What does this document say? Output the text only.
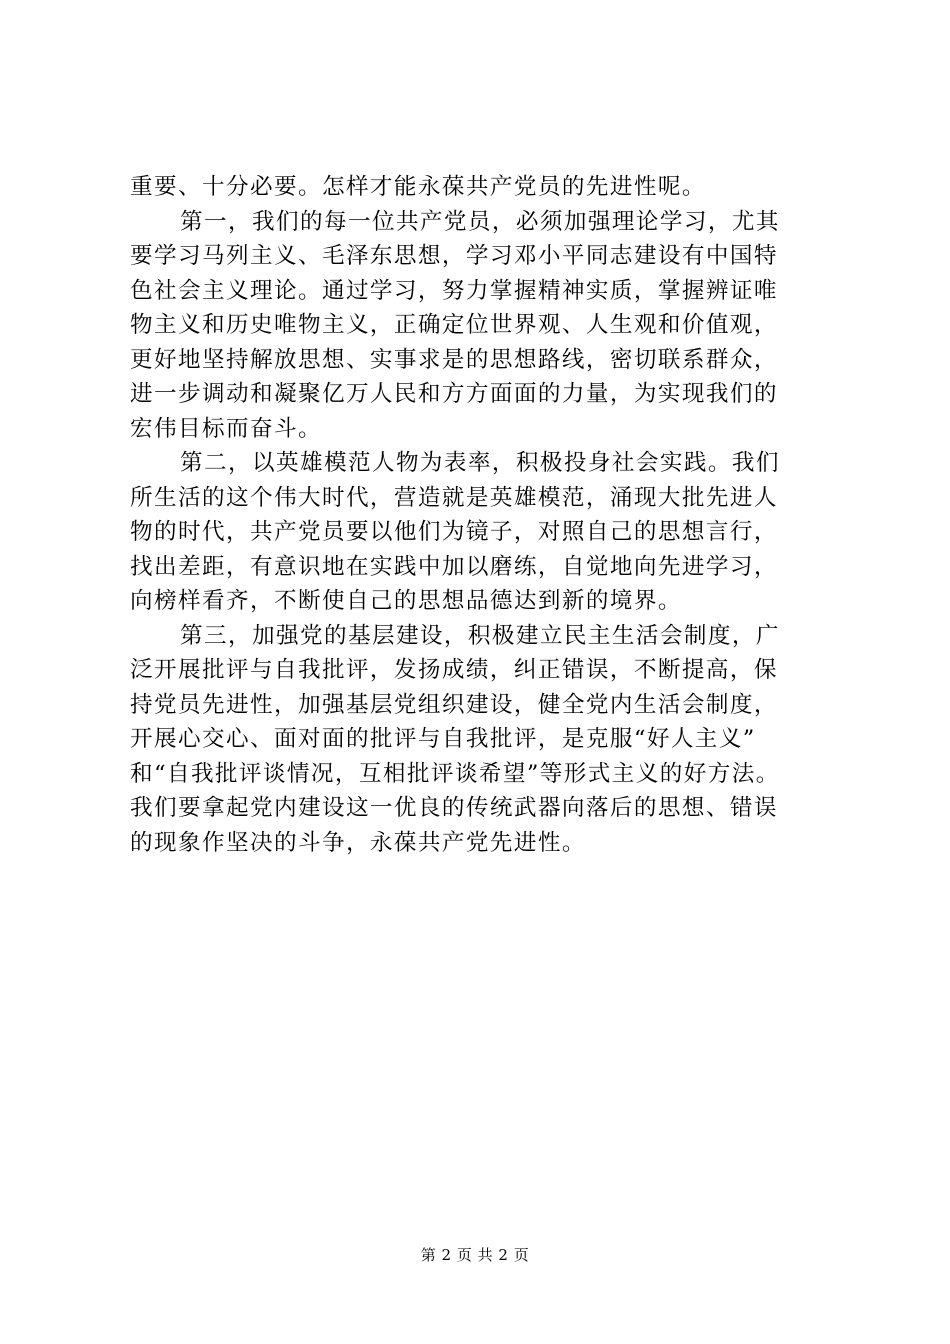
重要、十分必要。怎样才能永葆共产党员的先进性呢。
第一，我们的每一位共产党员，必须加强理论学习，尤其
要学习马列主义、毛泽东思想，学习邓小平同志建设有中国特
色社会主义理论。通过学习，努力掌握精神实质，掌握辨证唯
物主义和历史唯物主义，正确定位世界观、人生观和价值观，
更好地坚持解放思想、实事求是的思想路线，密切联系群众，
进一步调动和凝聚亿万人民和方方面面的力量，为实现我们的
宏伟目标而奋斗。
第二，以英雄模范人物为表率，积极投身社会实践。我们
所生活的这个伟大时代，营造就是英雄模范，涌现大批先进人
物的时代，共产党员要以他们为镜子，对照自己的思想言行，
找出差距，有意识地在实践中加以磨练，自觉地向先进学习，
向榜样看齐，不断使自己的思想品德达到新的境界。
第三，加强党的基层建设，积极建立民主生活会制度，广
泛开展批评与自我批评，发扬成绩，纠正错误，不断提高，保
持党员先进性，加强基层党组织建设，健全党内生活会制度，
开展心交心、面对面的批评与自我批评，是克服“好人主义”
和“自我批评谈情况，互相批评谈希望”等形式主义的好方法。
我们要拿起党内建设这一优良的传统武器向落后的思想、错误
的现象作坚决的斗争，永葆共产党先进性。
第 2 页 共 2 页
